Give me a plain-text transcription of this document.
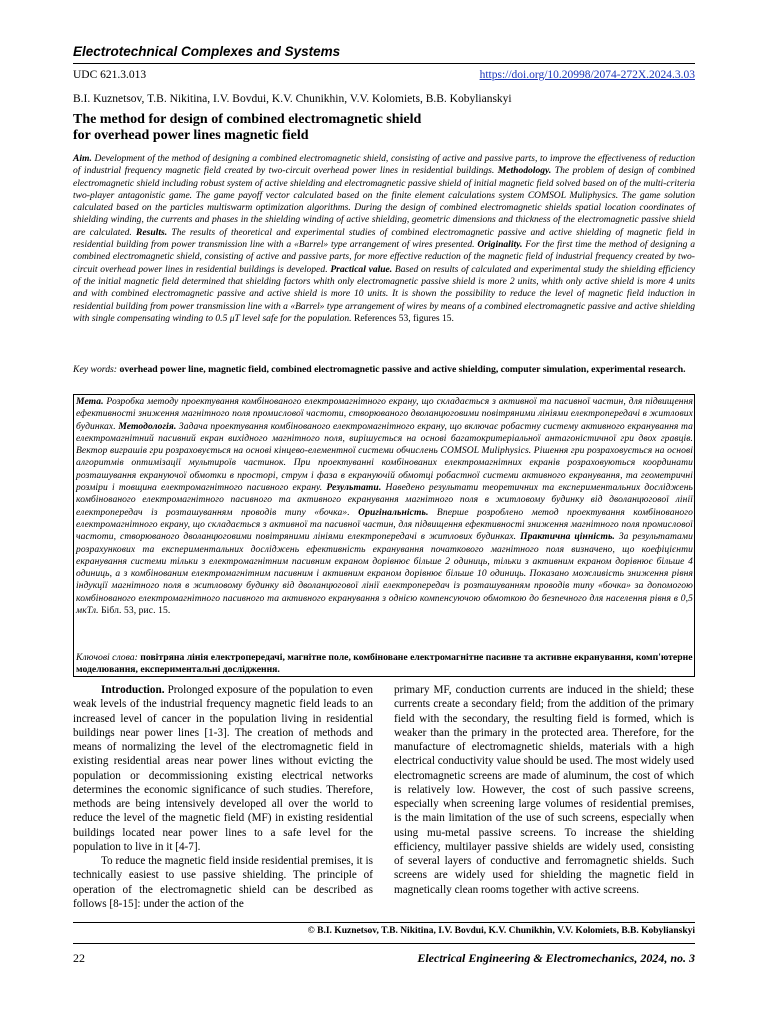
Electrotechnical Complexes and Systems
UDC 621.3.013	https://doi.org/10.20998/2074-272X.2024.3.03
B.I. Kuznetsov, T.B. Nikitina, I.V. Bovdui, K.V. Chunikhin, V.V. Kolomiets, B.B. Kobylianskyi
The method for design of combined electromagnetic shield
for overhead power lines magnetic field
Aim. Development of the method of designing a combined electromagnetic shield, consisting of active and passive parts, to improve the effectiveness of reduction of industrial frequency magnetic field created by two-circuit overhead power lines in residential buildings. Methodology. The problem of design of combined electromagnetic shield including robust system of active shielding and electromagnetic passive shield of initial magnetic field solved based on of the multi-criteria two-player antagonistic game. The game payoff vector calculated based on the finite element calculations system COMSOL Muliphysics. The game solution calculated based on the particles multiswarm optimization algorithms. During the design of combined electromagnetic shields spatial location coordinates of shielding winding, the currents and phases in the shielding winding of active shielding, geometric dimensions and thickness of the electromagnetic passive shield are calculated. Results. The results of theoretical and experimental studies of combined electromagnetic passive and active shielding of magnetic field in residential building from power transmission line with a «Barrel» type arrangement of wires presented. Originality. For the first time the method of designing a combined electromagnetic shield, consisting of active and passive parts, for more effective reduction of the magnetic field of industrial frequency created by two-circuit overhead power lines in residential buildings is developed. Practical value. Based on results of calculated and experimental study the shielding efficiency of the initial magnetic field determined that shielding factors whith only electromagnetic passive shield is more 2 units, whith only active shield is more 4 units and with combined electromagnetic passive and active shield is more 10 units. It is shown the possibility to reduce the level of magnetic field induction in residential building from power transmission line with a «Barrel» type arrangement of wires by means of a combined electromagnetic passive and active shielding with single compensating winding to 0.5 μT level safe for the population. References 53, figures 15.
Key words: overhead power line, magnetic field, combined electromagnetic passive and active shielding, computer simulation, experimental research.
Мета. Розробка методу проектування комбінованого електромагнітного екрану, що складається з активної та пасивної частин, для підвищення ефективності зниження магнітного поля промислової частоти, створюваного дволанцюговими повітряними лініями електропередачі в житлових будинках. Методологія. Задача проектування комбінованого електромагнітного екрану, що включає робастну систему активного екранування та електромагнітний пасивний екран вихідного магнітного поля, вирішується на основі багатокритеріальної антагоністичної гри двох гравців. Вектор виграшів гри розраховується на основі кінцево-елементної системи обчислень COMSOL Muliphysics. Рішення гри розраховується на основі алгоритмів оптимізації мультироїв частинок. При проектуванні комбінованих електромагнітних екранів розраховуються координати розташування екрануючої обмотки в просторі, струм і фаза в екрануючій обмотці робастної системи активного екранування, та геометричні розміри і товщина електромагнітного пасивного екрану. Результати. Наведено результати теоретичних та експериментальних досліджень комбінованого електромагнітного пасивного та активного екранування магнітного поля в житловому будинку від дволанцюгової лінії електропередач із розташуванням проводів типу «бочка». Оригінальність. Вперше розроблено метод проектування комбінованого електромагнітного екрану, що складається з активної та пасивної частин, для підвищення ефективності зниження магнітного поля промислової частоти, створюваного дволанцюговими повітряними лініями електропередачі в житлових будинках. Практична цінність. За результатами розрахункових та експериментальних досліджень ефективність екранування початкового магнітного поля визначено, що коефіцієнти екранування системи тільки з електромагнітним пасивним екраном дорівнює більше 2 одиниць, тільки з активним екраном дорівнює більше 4 одиниць, а з комбінованим електромагнітним пасивним і активним екраном дорівнює більше 10 одиниць. Показано можливість зниження рівня індукції магнітного поля в житловому будинку від дволанцюгової лінії електропередач із розташуванням проводів типу «бочка» за допомогою комбінованого електромагнітного пасивного та активного екранування з однією компенсуючою обмоткою до безпечного для населення рівня в 0,5 мкТл. Бібл. 53, рис. 15.
Ключові слова: повітряна лінія електропередачі, магнітне поле, комбіноване електромагнітне пасивне та активне екранування, комп'ютерне моделювання, експериментальні дослідження.

Introduction. Prolonged exposure of the population to even weak levels of the industrial frequency magnetic field leads to an increased level of cancer in the population living in residential buildings near power lines [1-3]. The creation of methods and means of normalizing the level of the electromagnetic field in existing residential areas near power lines without evicting the population or decommissioning existing electrical networks determines the economic significance of such studies. Therefore, methods are being intensively developed all over the world to reduce the level of the magnetic field (MF) in existing residential buildings located near power lines to a safe level for the population to live in it [4-7].

To reduce the magnetic field inside residential premises, it is technically easiest to use passive shielding. The principle of operation of the electromagnetic shield can be described as follows [8-15]: under the action of the

primary MF, conduction currents are induced in the shield; these currents create a secondary field; from the addition of the primary field with the secondary, the resulting field is formed, which is weaker than the primary in the protected area. Therefore, for the manufacture of electromagnetic shields, materials with a high electrical conductivity value should be used. The most widely used electromagnetic screens are made of aluminum, the cost of which is relatively low. However, the cost of such passive screens, especially when screening large volumes of residential premises, is the main limitation of the use of such screens, especially when using mu-metal passive screens. To increase the shielding efficiency, multilayer passive shields are widely used, consisting of several layers of conductive and ferromagnetic shields. Such screens are widely used for shielding the magnetic field in magnetically clean rooms together with active screens.

© B.I. Kuznetsov, T.B. Nikitina, I.V. Bovdui, K.V. Chunikhin, V.V. Kolomiets, B.B. Kobylianskyi
22	Electrical Engineering & Electromechanics, 2024, no. 3
